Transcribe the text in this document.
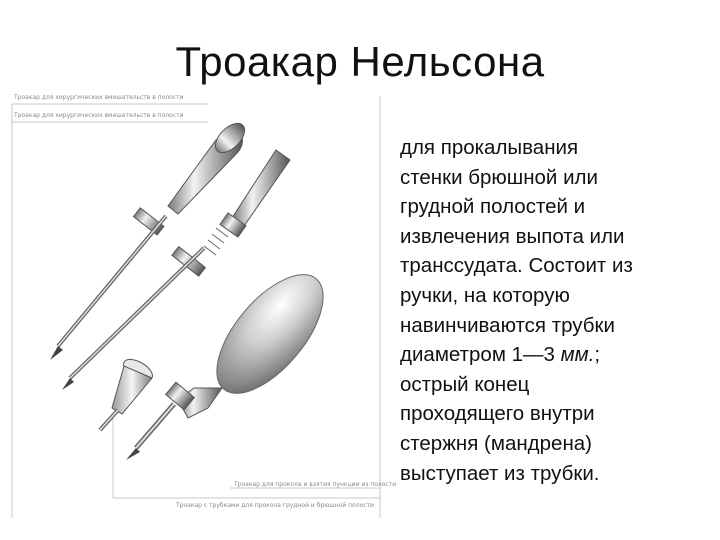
Троакар Нельсона
Троакар для хирургических вмешательств в полости
Троакар для хирургических вмешательств в полости
Троакар для прокола и взятия пункции из полости
Троакар с трубками для прокола грудной и брюшной полости
для прокалывания
стенки брюшной или
грудной полостей и
извлечения выпота или
транссудата. Состоит из
ручки, на которую
навинчиваются трубки
диаметром 1—3 мм.;
острый конец
проходящего внутри
стержня (мандрена)
выступает из трубки.
